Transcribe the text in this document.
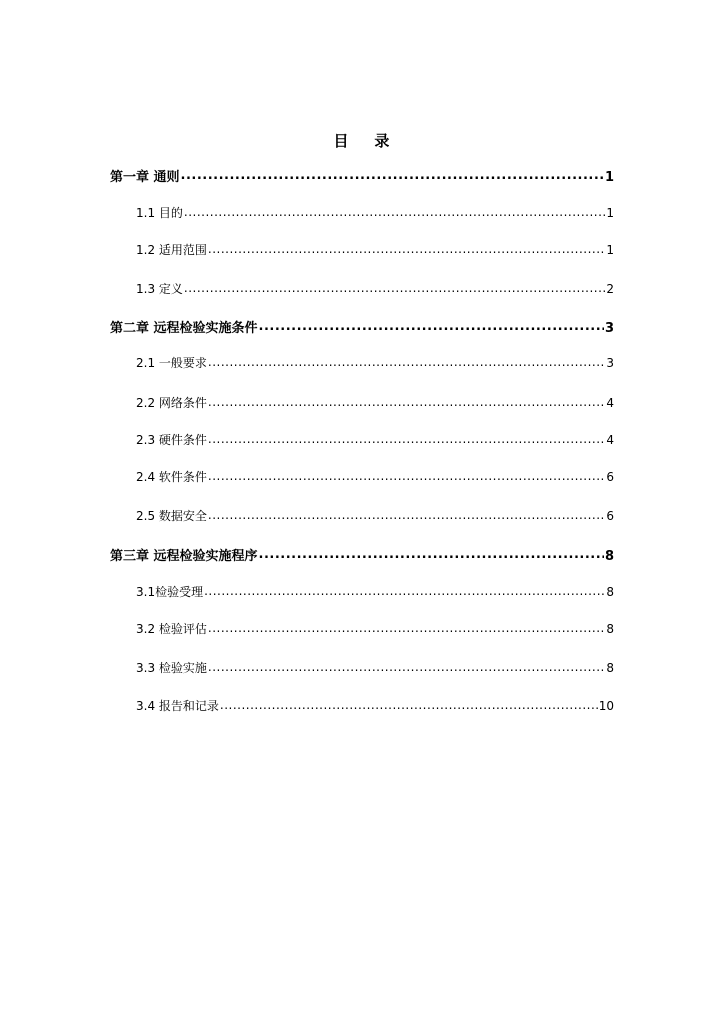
目    录
第一章 通则 .....	1
1.1 目的 .....	1
1.2 适用范围 .....	1
1.3 定义 .....	2
第二章 远程检验实施条件 .....	3
2.1 一般要求 .....	3
2.2 网络条件 .....	4
2.3 硬件条件 .....	4
2.4 软件条件 .....	6
2.5 数据安全 .....	6
第三章 远程检验实施程序 .....	8
3.1检验受理 .....	8
3.2 检验评估 .....	8
3.3 检验实施 .....	8
3.4 报告和记录 .....	10
